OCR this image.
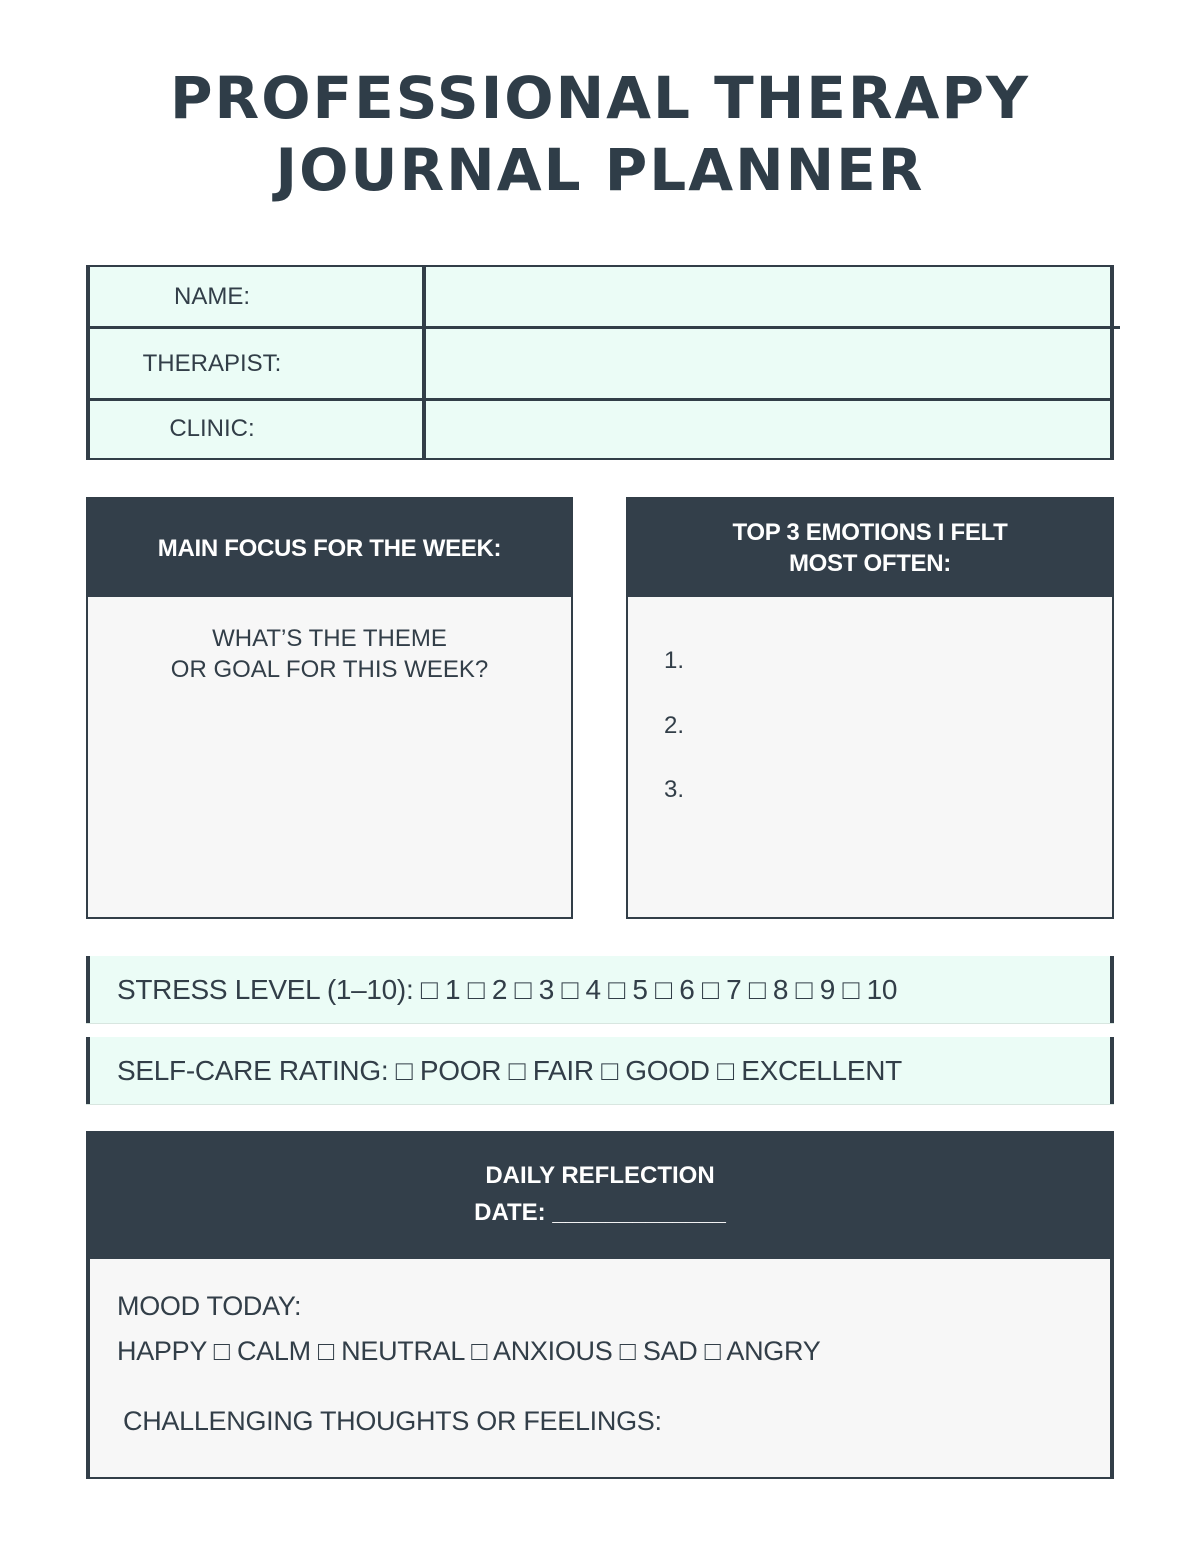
PROFESSIONAL THERAPY
JOURNAL PLANNER
NAME:
THERAPIST:
CLINIC:
MAIN FOCUS FOR THE WEEK:
WHAT’S THE THEME
OR GOAL FOR THIS WEEK?
TOP 3 EMOTIONS I FELT
MOST OFTEN:
1.
2.
3.
STRESS LEVEL (1–10): □ 1 □ 2 □ 3 □ 4 □ 5 □ 6 □ 7 □ 8 □ 9 □ 10
SELF-CARE RATING: □ POOR □ FAIR □ GOOD □ EXCELLENT
DAILY REFLECTION
DATE: _____________
MOOD TODAY:
HAPPY □ CALM □ NEUTRAL □ ANXIOUS □ SAD □ ANGRY
CHALLENGING THOUGHTS OR FEELINGS:
